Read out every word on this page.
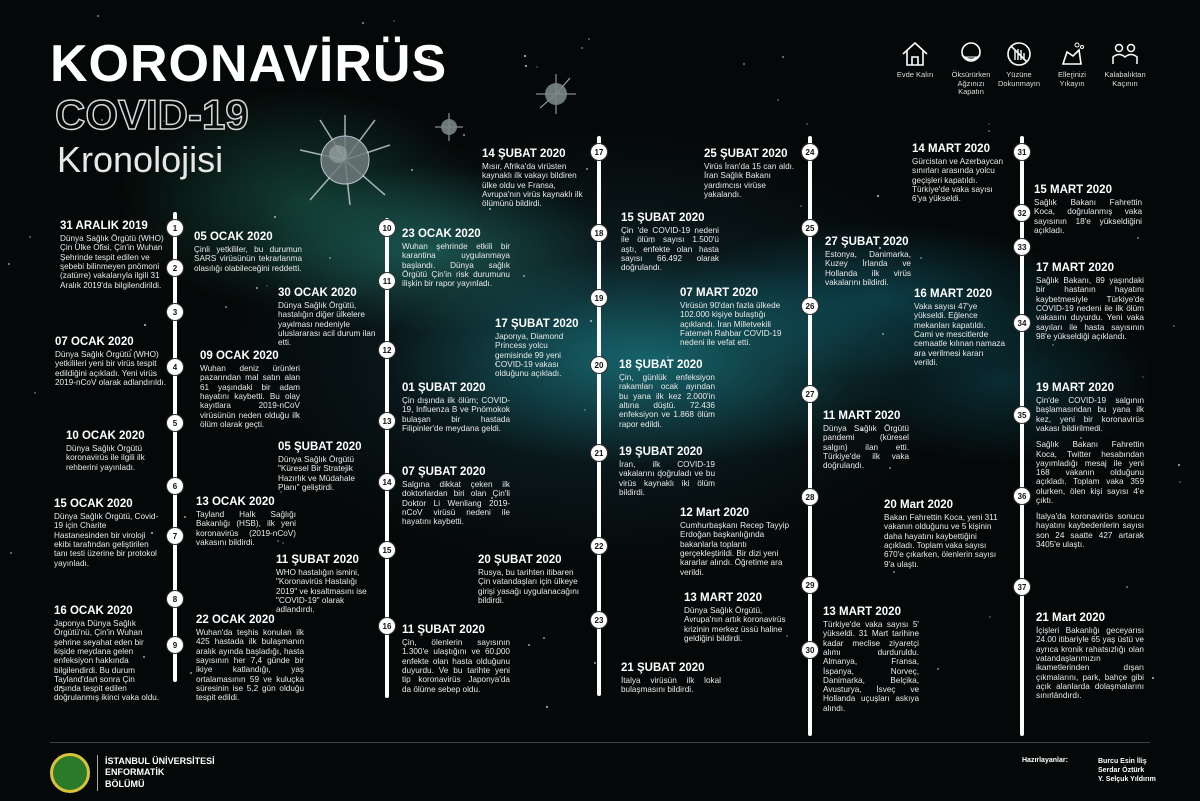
KORONAVİRÜS
COVID-19
Kronolojisi
Evde Kalın	Öksürürken Ağzınızı Kapatın
Yüzüne Dokunmayın
Ellerinizi Yıkayın
Kalabalıktan Kaçının
1
2
3
4
5
6
7
8
9
31 ARALIK 2019
Dünya Sağlık Örgütü (WHO) Çin Ülke Ofisi, Çin'in Wuhan Şehrinde tespit edilen ve sebebi bilinmeyen pnömoni (zatürre) vakalarıyla ilgili 31 Aralık 2019'da bilgilendirildi.
05 OCAK 2020
Çinli yetkililer, bu durumun SARS virüsünün tekrarlanma olasılığı olabileceğini reddetti.
07 OCAK 2020
Dünya Sağlık Örgütü (WHO) yetkilileri yeni bir virüs tespit edildiğini açıkladı. Yeni virüs 2019-nCoV olarak adlandırıldı.
09 OCAK 2020
Wuhan deniz ürünleri pazarından mal satın alan 61 yaşındaki bir adam hayatını kaybetti. Bu olay kayıtlara 2019-nCoV virüsünün neden olduğu ilk ölüm olarak geçti.
10 OCAK 2020
Dünya Sağlık Örgütü koronavirüs ile ilgili ilk rehberini yayınladı.
13 OCAK 2020
Tayland Halk Sağlığı Bakanlığı (HSB), ilk yeni koronavirüs (2019-nCoV) vakasını bildirdi.
15 OCAK 2020
Dünya Sağlık Örgütü, Covid-19 için Charite Hastanesinden bir viroloji ekibi tarafından geliştirilen tanı testi üzerine bir protokol yayınladı.
16 OCAK 2020
Japonya Dünya Sağlık Örgütü'nü, Çin'in Wuhan şehrine seyahat eden bir kişide meydana gelen enfeksiyon hakkında bilgilendirdi. Bu durum Tayland'dan sonra Çin dışında tespit edilen doğrulanmış ikinci vaka oldu.
22 OCAK 2020
Wuhan'da teşhis konulan ilk 425 hastada ilk bulaşmanın aralık ayında başladığı, hasta sayısının her 7,4 günde bir ikiye katlandığı, yaş ortalamasının 59 ve kuluçka süresinin ise 5,2 gün olduğu tespit edildi.
10
11
12
13
14
15
16
23 OCAK 2020
Wuhan şehrinde etkili bir karantina uygulanmaya başlandı. Dünya sağlık Örgütü Çin'in risk durumunu ilişkin bir rapor yayınladı.
30 OCAK 2020
Dünya Sağlık Örgütü, hastalığın diğer ülkelere yayılması nedeniyle uluslararası acil durum ilan etti.
01 ŞUBAT 2020
Çin dışında ilk ölüm; COVID-19, Influenza B ve Pnömokok bulaşan bir hastada Filipinler'de meydana geldi.
05 ŞUBAT 2020
Dünya Sağlık Örgütü "Küresel Bir Stratejik Hazırlık ve Müdahale Planı" geliştirdi.
07 ŞUBAT 2020
Salgına dikkat çeken ilk doktorlardan biri olan Çin'li Doktor Li Wenliang 2019-nCoV virüsü nedeni ile hayatını kaybetti.
11 ŞUBAT 2020
WHO hastalığın ismini, "Koronavirüs Hastalığı 2019" ve kısaltmasını ise "COVID-19" olarak adlandırdı.
11 ŞUBAT 2020
Çin, ölenlerin sayısının 1.300'e ulaştığını ve 60.000 enfekte olan hasta olduğunu duyurdu. Ve bu tarihte yeni tip koronavirüs Japonya'da da ölüme sebep oldu.
17
18
19
20
21
22
23
14 ŞUBAT 2020
Mısır, Afrika'da virüsten kaynaklı ilk vakayı bildiren ülke oldu ve Fransa, Avrupa'nın virüs kaynaklı ilk ölümünü bildirdi.
15 ŞUBAT 2020
Çin 'de COVID-19 nedeni ile ölüm sayısı 1.500'ü aştı, enfekte olan hasta sayısı 66.492 olarak doğrulandı.
17 ŞUBAT 2020
Japonya, Diamond Princess yolcu gemisinde 99 yeni COVID-19 vakası olduğunu açıkladı.
18 ŞUBAT 2020
Çin, günlük enfeksiyon rakamları ocak ayından bu yana ilk kez 2.000'in altına düştü. 72.436 enfeksiyon ve 1.868 ölüm rapor edildi.
19 ŞUBAT 2020
İran, ilk COVID-19 vakalarını doğruladı ve bu virüs kaynaklı iki ölüm bildirdi.
20 ŞUBAT 2020
Rusya, bu tarihten itibaren Çin vatandaşları için ülkeye girişi yasağı uygulanacağını bildirdi.
21 ŞUBAT 2020
İtalya virüsün ilk lokal bulaşmasını bildirdi.
24
25
26
27
28
29
30
25 ŞUBAT 2020
Virüs İran'da 15 can aldı. İran Sağlık Bakanı yardımcısı virüse yakalandı.
27 ŞUBAT 2020
Estonya, Danimarka, Kuzey İrlanda ve Hollanda ilk virüs vakalarını bildirdi.
07 MART 2020
Virüsün 90'dan fazla ülkede 102.000 kişiye bulaştığı açıklandı. İran Milletvekili Fatemeh Rahbar COVID-19 nedeni ile vefat etti.
11 MART 2020
Dünya Sağlık Örgütü pandemi (küresel salgın) ilan etti. Türkiye'de ilk vaka doğrulandı.
12 Mart 2020
Cumhurbaşkanı Recep Tayyip Erdoğan başkanlığında bakanlarla toplantı gerçekleştirildi. Bir dizi yeni kararlar alındı. Öğretime ara verildi.
13 MART 2020
Dünya Sağlık Örgütü, Avrupa'nın artık koronavirüs krizinin merkez üssü haline geldiğini bildirdi.
13 MART 2020
Türkiye'de vaka sayısı 5' yükseldi. 31 Mart tarihine kadar meclise ziyaretçi alımı durduruldu. Almanya, Fransa, İspanya, Norveç, Danimarka, Belçika, Avusturya, İsveç ve Hollanda uçuşları askıya alındı.
31
32
33
34
35
36
37
14 MART 2020
Gürcistan ve Azerbaycan sınırları arasında yolcu geçişleri kapatıldı. Türkiye'de vaka sayısı 6'ya yükseldi.
15 MART 2020
Sağlık Bakanı Fahrettin Koca, doğrulanmış vaka sayısının 18'e yükseldiğini açıkladı.
16 MART 2020
Vaka sayısı 47'ye yükseldi. Eğlence mekanları kapatıldı. Cami ve mescitlerde cemaatle kılınan namaza ara verilmesi kararı verildi.
17 MART 2020
Sağlık Bakanı, 89 yaşındaki bir hastanın hayatını kaybetmesiyle Türkiye'de COVID-19 nedeni ile ilk ölüm vakasını duyurdu. Yeni vaka sayıları ile hasta sayısının 98'e yükseldiği açıklandı.
19 MART 2020
Çin'de COVID-19 salgının başlamasından bu yana ilk kez, yeni bir koronavirüs vakası bildirilmedi.
Sağlık Bakanı Fahrettin Koca, Twitter hesabından yayımladığı mesaj ile yeni 168 vakanın olduğunu açıkladı. Toplam vaka 359 olurken, ölen kişi sayısı 4'e çıktı.
İtalya'da koronavirüs sonucu hayatını kaybedenlerin sayısı son 24 saatte 427 artarak 3405'e ulaştı.
20 Mart 2020
Bakan Fahrettin Koca, yeni 311 vakanın olduğunu ve 5 kişinin daha hayatını kaybettiğini açıkladı. Toplam vaka sayısı 670'e çıkarken, ölenlerin sayısı 9'a ulaştı.
21 Mart 2020
İçişleri Bakanlığı geceyarısı 24.00 itibariyle 65 yaş üstü ve ayrıca kronik rahatsızlığı olan vatandaşlarımızın ikametlerinden dışarı çıkmalarını, park, bahçe gibi açık alanlarda dolaşmalarını sınırlandırdı.
İSTANBUL ÜNİVERSİTESİ
ENFORMATİK
BÖLÜMÜ
Hazırlayanlar:	Burcu Esin İliş
Serdar Öztürk
Y. Selçuk Yıldırım
